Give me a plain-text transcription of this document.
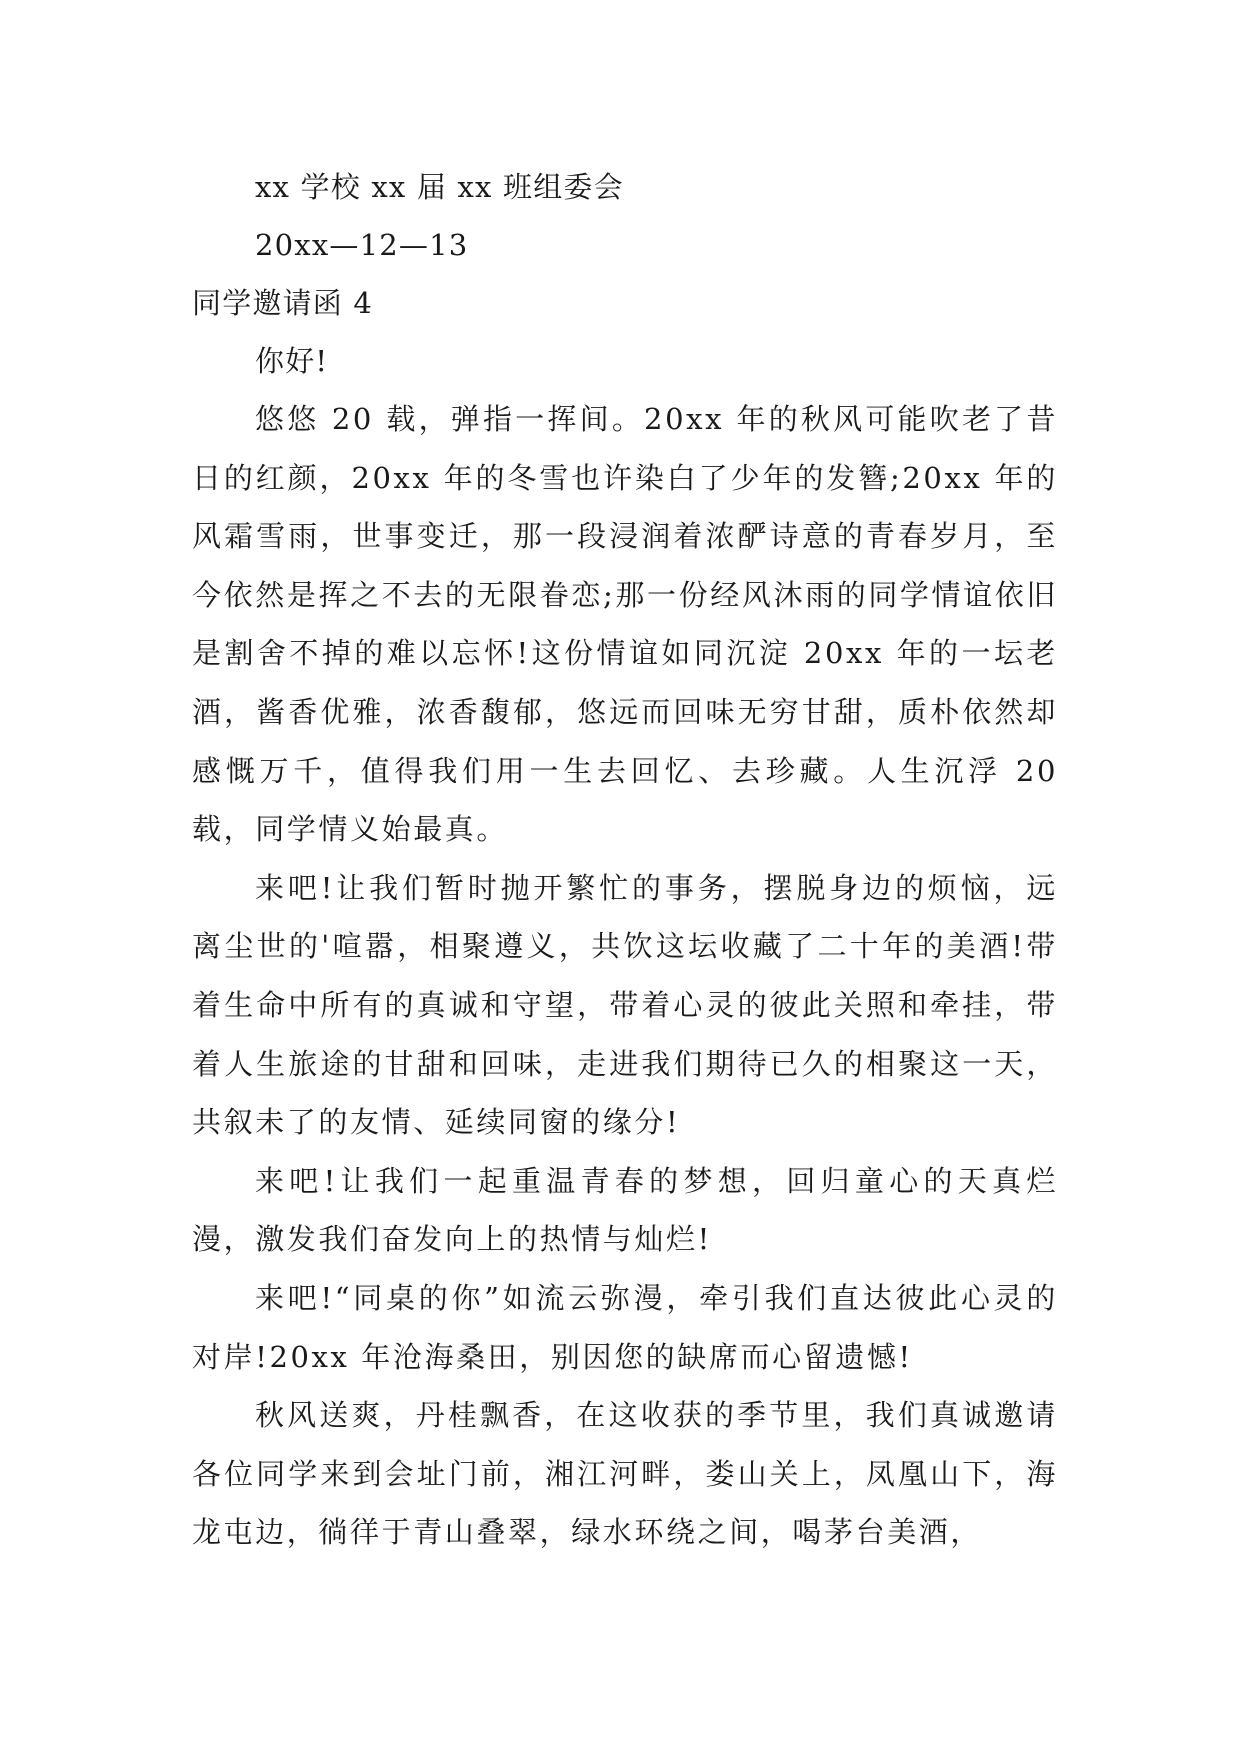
xx 学校 xx 届 xx 班组委会
20xx—12—13
同学邀请函 4
你好!

悠悠 20 载，弹指一挥间。20xx 年的秋风可能吹老了昔日的红颜，20xx 年的冬雪也许染白了少年的发簪;20xx 年的风霜雪雨，世事变迁，那一段浸润着浓酽诗意的青春岁月，至今依然是挥之不去的无限眷恋;那一份经风沐雨的同学情谊依旧是割舍不掉的难以忘怀!这份情谊如同沉淀 20xx 年的一坛老酒，酱香优雅，浓香馥郁，悠远而回味无穷甘甜，质朴依然却感慨万千，值得我们用一生去回忆、去珍藏。人生沉浮 20 载，同学情义始最真。

来吧!让我们暂时抛开繁忙的事务，摆脱身边的烦恼，远离尘世的'喧嚣，相聚遵义，共饮这坛收藏了二十年的美酒!带着生命中所有的真诚和守望，带着心灵的彼此关照和牵挂，带着人生旅途的甘甜和回味，走进我们期待已久的相聚这一天，共叙未了的友情、延续同窗的缘分!

来吧!让我们一起重温青春的梦想，回归童心的天真烂漫，激发我们奋发向上的热情与灿烂!

来吧!“同桌的你”如流云弥漫，牵引我们直达彼此心灵的对岸!20xx 年沧海桑田，别因您的缺席而心留遗憾!

秋风送爽，丹桂飘香，在这收获的季节里，我们真诚邀请各位同学来到会址门前，湘江河畔，娄山关上，凤凰山下，海龙屯边，徜徉于青山叠翠，绿水环绕之间，喝茅台美酒，
